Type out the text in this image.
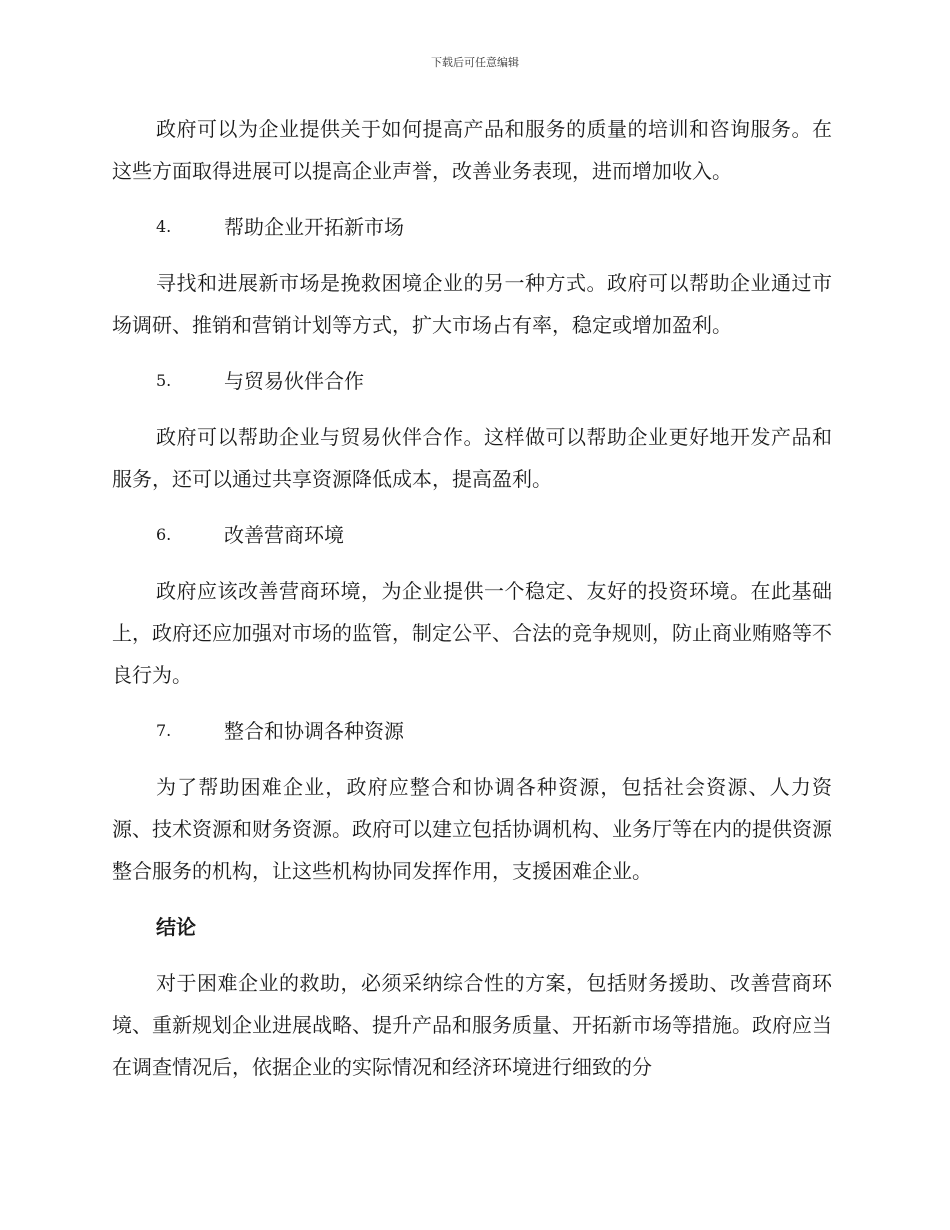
下载后可任意编辑

政府可以为企业提供关于如何提高产品和服务的质量的培训和咨询服务。在这些方面取得进展可以提高企业声誉，改善业务表现，进而增加收入。

4.	帮助企业开拓新市场

寻找和进展新市场是挽救困境企业的另一种方式。政府可以帮助企业通过市场调研、推销和营销计划等方式，扩大市场占有率，稳定或增加盈利。

5.	与贸易伙伴合作

政府可以帮助企业与贸易伙伴合作。这样做可以帮助企业更好地开发产品和服务，还可以通过共享资源降低成本，提高盈利。

6.	改善营商环境

政府应该改善营商环境，为企业提供一个稳定、友好的投资环境。在此基础上，政府还应加强对市场的监管，制定公平、合法的竞争规则，防止商业贿赂等不良行为。

7.	整合和协调各种资源

为了帮助困难企业，政府应整合和协调各种资源，包括社会资源、人力资源、技术资源和财务资源。政府可以建立包括协调机构、业务厅等在内的提供资源整合服务的机构，让这些机构协同发挥作用，支援困难企业。

结论

对于困难企业的救助，必须采纳综合性的方案，包括财务援助、改善营商环境、重新规划企业进展战略、提升产品和服务质量、开拓新市场等措施。政府应当在调查情况后，依据企业的实际情况和经济环境进行细致的分
